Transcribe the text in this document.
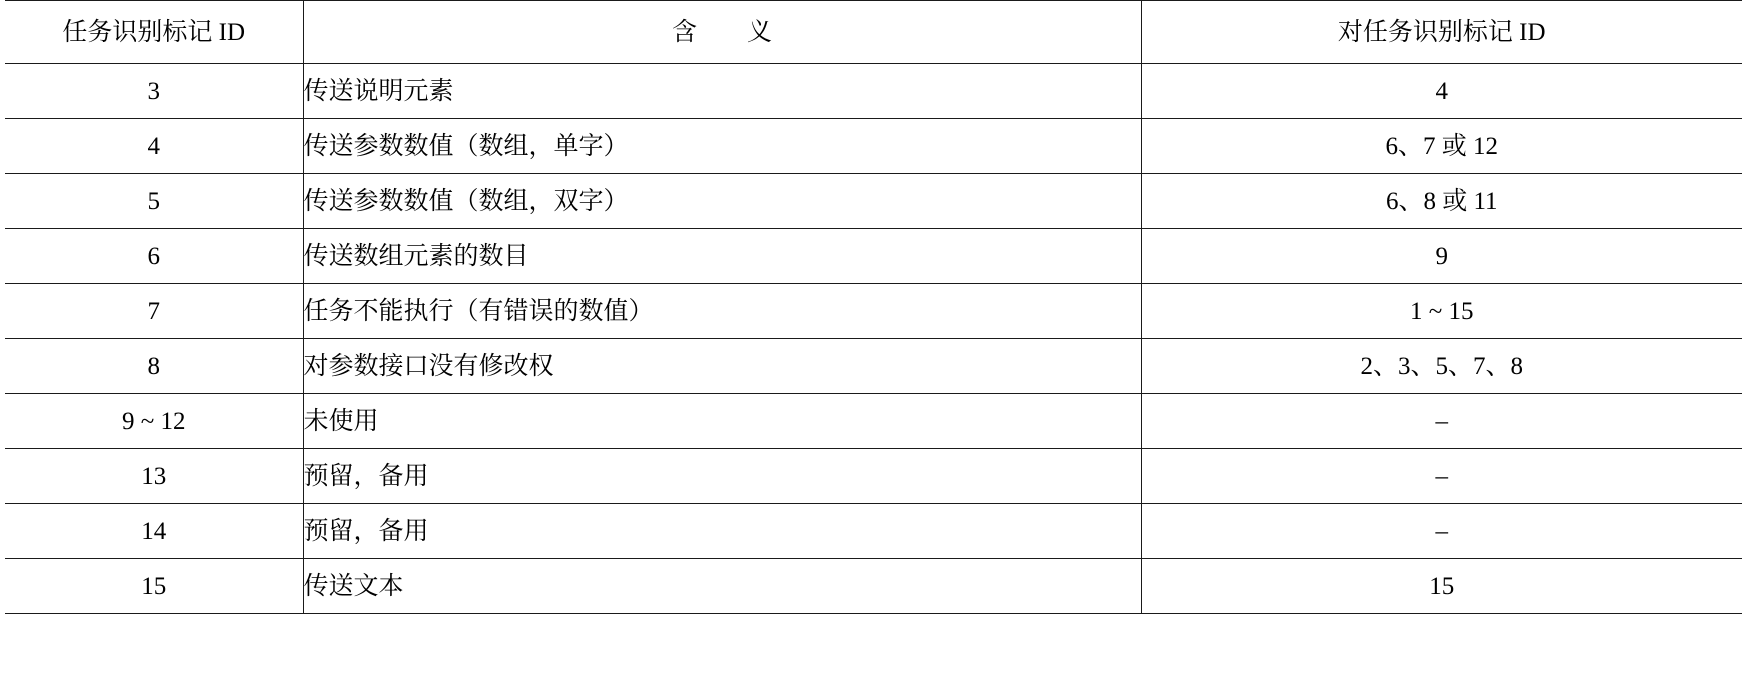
任务识别标记 ID	含　　义	对任务识别标记 ID
3	传送说明元素	4
4	传送参数数值（数组，单字）	6、7 或 12
5	传送参数数值（数组，双字）	6、8 或 11
6	传送数组元素的数目	9
7	任务不能执行（有错误的数值）	1 ~ 15
8	对参数接口没有修改权	2、3、5、7、8
9 ~ 12	未使用	–
13	预留，备用	–
14	预留，备用	–
15	传送文本	15
